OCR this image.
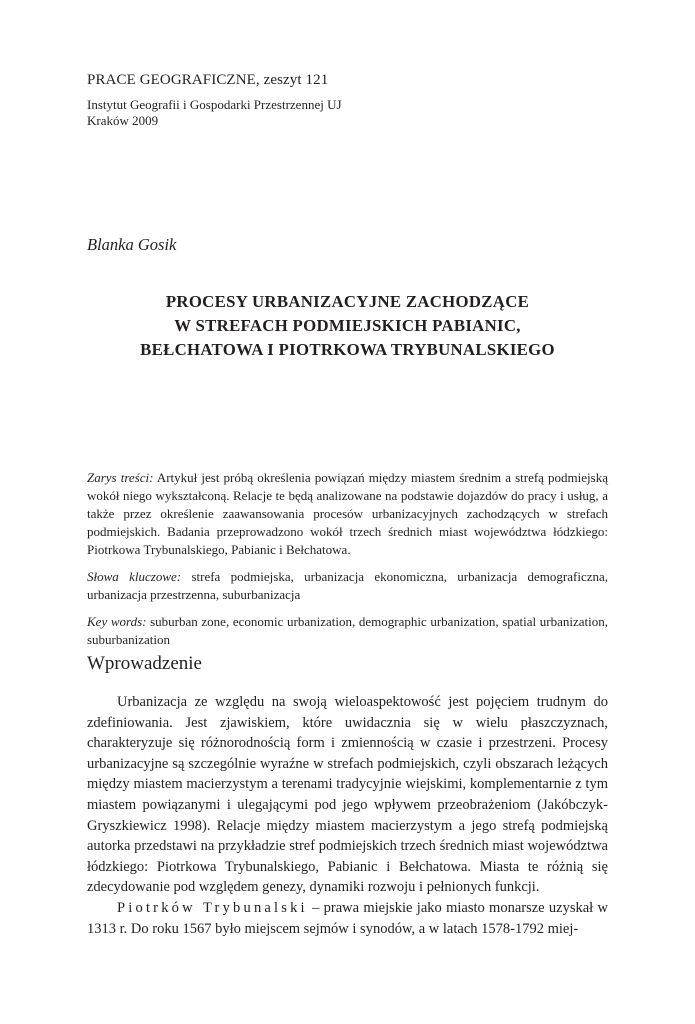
PRACE GEOGRAFICZNE, zeszyt 121

Instytut Geografii i Gospodarki Przestrzennej UJ

Kraków 2009

Blanka Gosik

PROCESY URBANIZACYJNE ZACHODZĄCE
W STREFACH PODMIEJSKICH PABIANIC,
BEŁCHATOWA I PIOTRKOWA TRYBUNALSKIEGO

Zarys treści: Artykuł jest próbą określenia powiązań między miastem średnim a strefą podmiejską wokół niego wykształconą. Relacje te będą analizowane na podstawie dojazdów do pracy i usług, a także przez określenie zaawansowania procesów urbanizacyjnych zachodzących w strefach podmiejskich. Badania przeprowadzono wokół trzech średnich miast województwa łódzkiego: Piotrkowa Trybunalskiego, Pabianic i Bełchatowa.

Słowa kluczowe: strefa podmiejska, urbanizacja ekonomiczna, urbanizacja demograficzna, urbanizacja przestrzenna, suburbanizacja

Key words: suburban zone, economic urbanization, demographic urbanization, spatial urbanization, suburbanization

Wprowadzenie

Urbanizacja ze względu na swoją wieloaspektowość jest pojęciem trudnym do zdefiniowania. Jest zjawiskiem, które uwidacznia się w wielu płaszczyznach, charakteryzuje się różnorodnością form i zmiennością w czasie i przestrzeni. Procesy urbanizacyjne są szczególnie wyraźne w strefach podmiejskich, czyli obszarach leżących między miastem macierzystym a terenami tradycyjnie wiejskimi, komplementarnie z tym miastem powiązanymi i ulegającymi pod jego wpływem przeobrażeniom (Jakóbczyk-Gryszkiewicz 1998). Relacje między miastem macierzystym a jego strefą podmiejską autorka przedstawi na przykładzie stref podmiejskich trzech średnich miast województwa łódzkiego: Piotrkowa Trybunalskiego, Pabianic i Bełchatowa. Miasta te różnią się zdecydowanie pod względem genezy, dynamiki rozwoju i pełnionych funkcji.

Piotrków Trybunalski – prawa miejskie jako miasto monarsze uzyskał w 1313 r. Do roku 1567 było miejscem sejmów i synodów, a w latach 1578-1792 miej-
